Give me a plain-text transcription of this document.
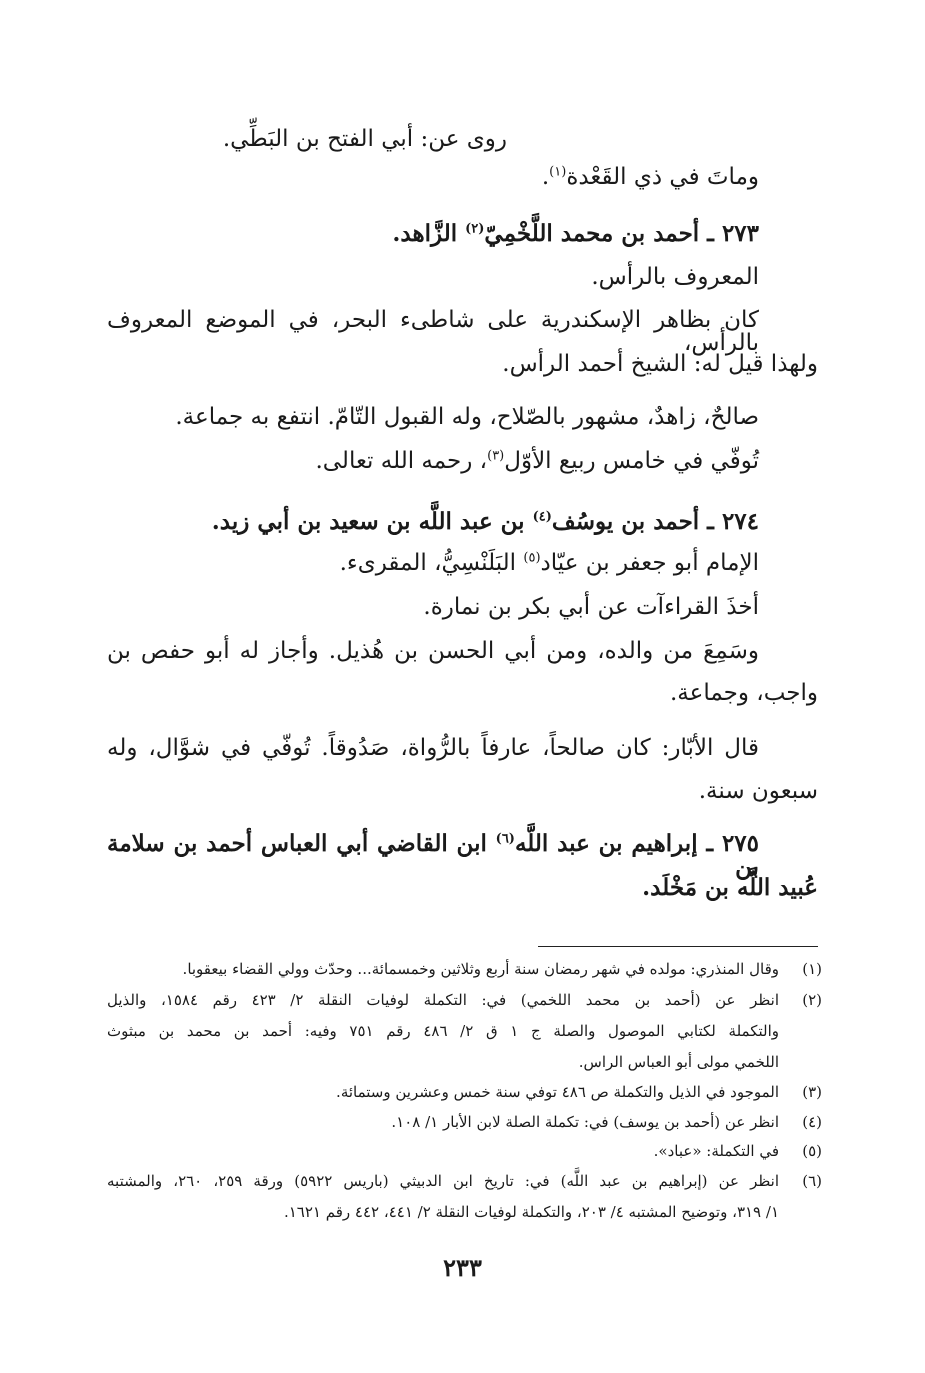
روى عن: أبي الفتح بن البَطِّي.

وماتَ في ذي القَعْدة$^{(١)}$.

٢٧٣ ـ أحمد بن محمد اللَّخْمِيّ$^{(٢)}$ الزَّاهد.

المعروف بالرأس.

كان بظاهر الإسكندرية على شاطىء البحر، في الموضع المعروف بالرأس،

ولهذا قيل له: الشيخ أحمد الرأس.

صالحٌ، زاهدٌ، مشهور بالصّلاح، وله القبول التّامّ. انتفع به جماعة.

تُوفّي في خامس ربيع الأوّل$^{(٣)}$، رحمه الله تعالى.

٢٧٤ ـ أحمد بن يوسُف$^{(٤)}$ بن عبد اللَّه بن سعيد بن أبي زيد.

الإمام أبو جعفر بن عيّاد$^{(٥)}$ البَلَنْسِيُّ، المقرىء.

أخذَ القراءآت عن أبي بكر بن نمارة.

وسَمِعَ من والده، ومن أبي الحسن بن هُذيل. وأجاز له أبو حفص بن

واجب، وجماعة.

قال الأبّار: كان صالحاً، عارفاً بالرُّواة، صَدُوقاً. تُوفّي في شوَّال، وله

سبعون سنة.

٢٧٥ ـ إبراهيم بن عبد اللَّه$^{(٦)}$ ابن القاضي أبي العباس أحمد بن سلامة بن

عُبيد اللَّه بن مَخْلَد.

(١)
وقال المنذري: مولده في شهر رمضان سنة أربع وثلاثين وخمسمائة... وحدّث وولي القضاء بيعقوبا.
(٢)
انظر عن (أحمد بن محمد اللخمي) في: التكملة لوفيات النقلة ٢/ ٤٢٣ رقم ١٥٨٤، والذيل
والتكملة لكتابي الموصول والصلة ج ١ ق ٢/ ٤٨٦ رقم ٧٥١ وفيه: أحمد بن محمد بن مبثوث
اللخمي مولى أبو العباس الراس.
(٣)
الموجود في الذيل والتكملة ص ٤٨٦ توفي سنة خمس وعشرين وستمائة.
(٤)
انظر عن (أحمد بن يوسف) في: تكملة الصلة لابن الأبار ١/ ١٠٨.
(٥)
في التكملة: «عباد».
(٦)
انظر عن (إبراهيم بن عبد اللَّه) في: تاريخ ابن الدبيثي (باريس ٥٩٢٢) ورقة ٢٥٩، ٢٦٠، والمشتبه
١/ ٣١٩، وتوضيح المشتبه ٤/ ٢٠٣، والتكملة لوفيات النقلة ٢/ ٤٤١، ٤٤٢ رقم ١٦٢١.
٢٣٣
